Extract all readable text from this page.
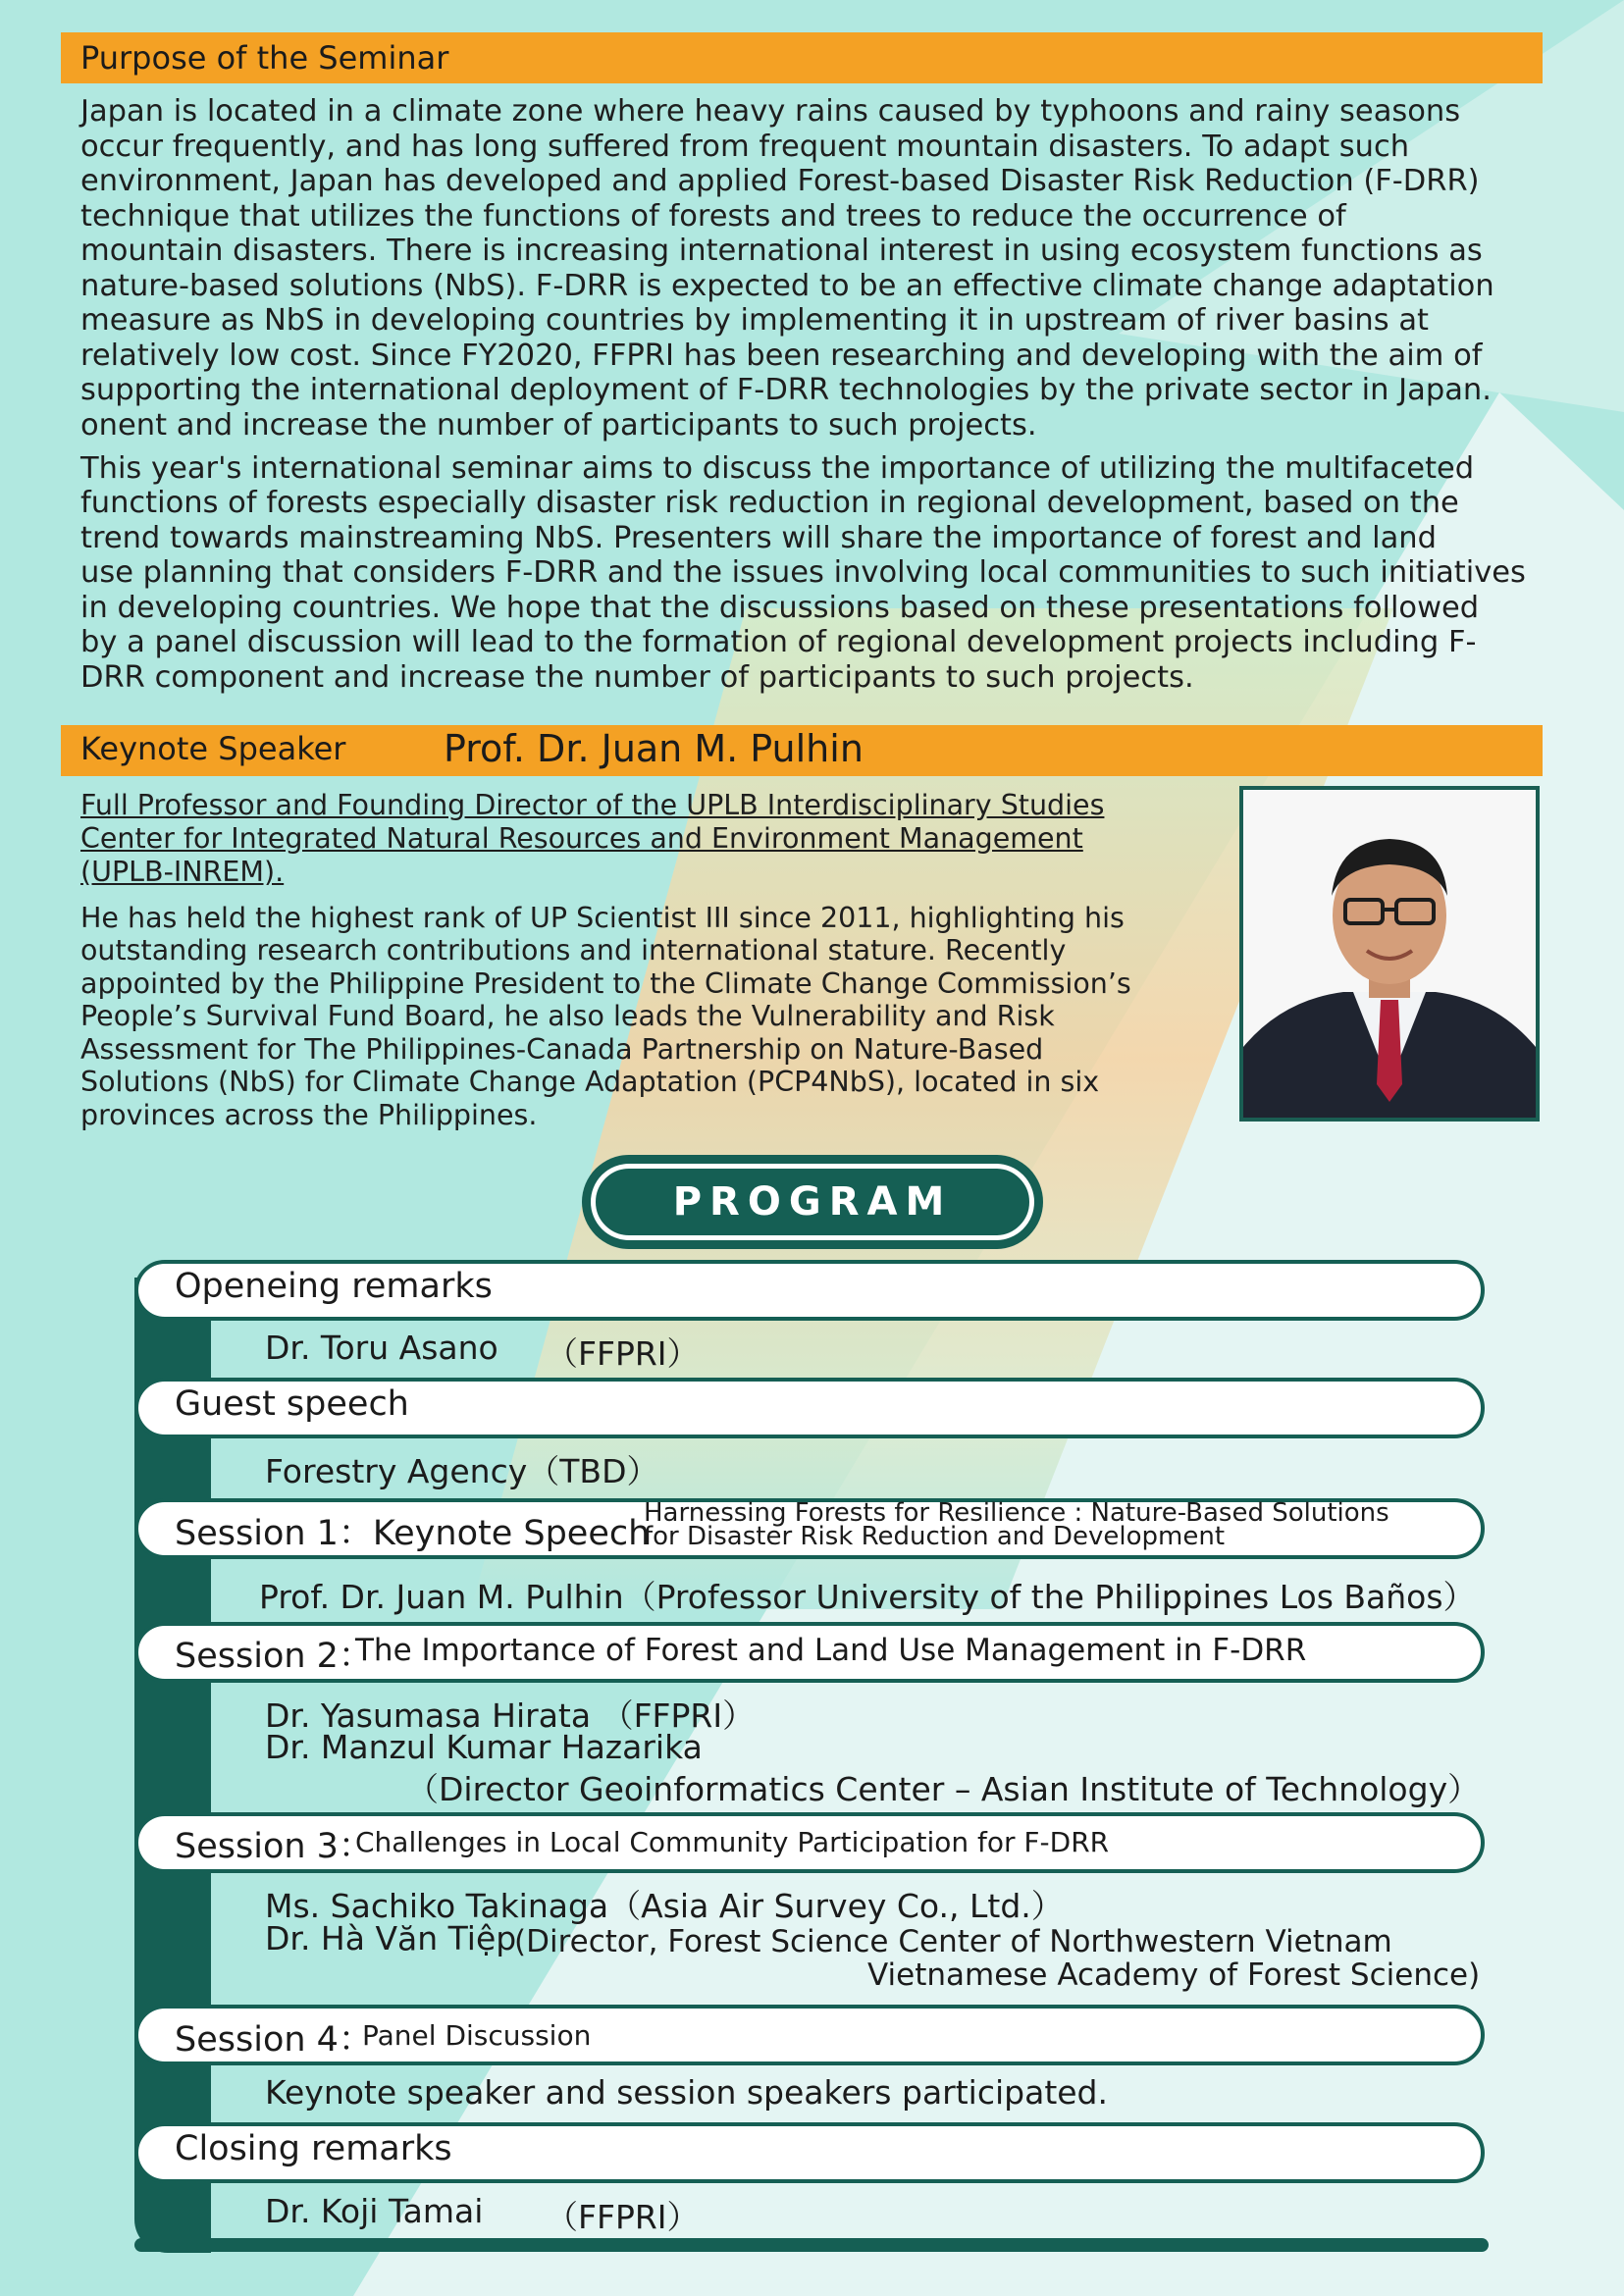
Purpose of the Seminar

Japan is located in a climate zone where heavy rains caused by typhoons and rainy seasons

occur frequently, and has long suffered from frequent mountain disasters. To adapt such

environment, Japan has developed and applied Forest-based Disaster Risk Reduction (F-DRR)

technique that utilizes the functions of forests and trees to reduce the occurrence of

mountain disasters. There is increasing international interest in using ecosystem functions as

nature-based solutions (NbS). F-DRR is expected to be an effective climate change adaptation

measure as NbS in developing countries by implementing it in upstream of river basins at

relatively low cost. Since FY2020, FFPRI has been researching and developing with the aim of

supporting the international deployment of F-DRR technologies by the private sector in Japan.

onent and increase the number of participants to such projects.

This year's international seminar aims to discuss the importance of utilizing the multifaceted

functions of forests especially disaster risk reduction in regional development, based on the

trend towards mainstreaming NbS. Presenters will share the importance of forest and land

use planning that considers F-DRR and the issues involving local communities to such initiatives

in developing countries. We hope that the discussions based on these presentations followed

by a panel discussion will lead to the formation of regional development projects including F-

DRR component and increase the number of participants to such projects.

Keynote Speaker	Prof. Dr. Juan M. Pulhin

Full Professor and Founding Director of the UPLB Interdisciplinary Studies

Center for Integrated Natural Resources and Environment Management

(UPLB-INREM).

He has held the highest rank of UP Scientist III since 2011, highlighting his

outstanding research contributions and international stature. Recently

appointed by the Philippine President to the Climate Change Commission’s

People’s Survival Fund Board, he also leads the Vulnerability and Risk

Assessment for The Philippines-Canada Partnership on Nature-Based

Solutions (NbS) for Climate Change Adaptation (PCP4NbS), located in six

provinces across the Philippines.

PROGRAM
Openeing remarks
Dr. Toru Asano （FFPRI）
Guest speech
Forestry Agency（TBD）
Session 1：Keynote Speech
Harnessing Forests for Resilience : Nature-Based Solutions
for Disaster Risk Reduction and Development
Prof. Dr. Juan M. Pulhin（Professor University of the Philippines Los Baños）
Session 2：
The Importance of Forest and Land Use Management in F-DRR
Dr. Yasumasa Hirata （FFPRI）
Dr. Manzul Kumar Hazarika
（Director Geoinformatics Center – Asian Institute of Technology）
Session 3：
Challenges in Local Community Participation for F-DRR
Ms. Sachiko Takinaga（Asia Air Survey Co., Ltd.）
Dr. Hà Văn Tiệp
(Director, Forest Science Center of Northwestern Vietnam
Vietnamese Academy of Forest Science)
Session 4：
Panel Discussion
Keynote speaker and session speakers participated.
Closing remarks
Dr. Koji Tamai （FFPRI）
